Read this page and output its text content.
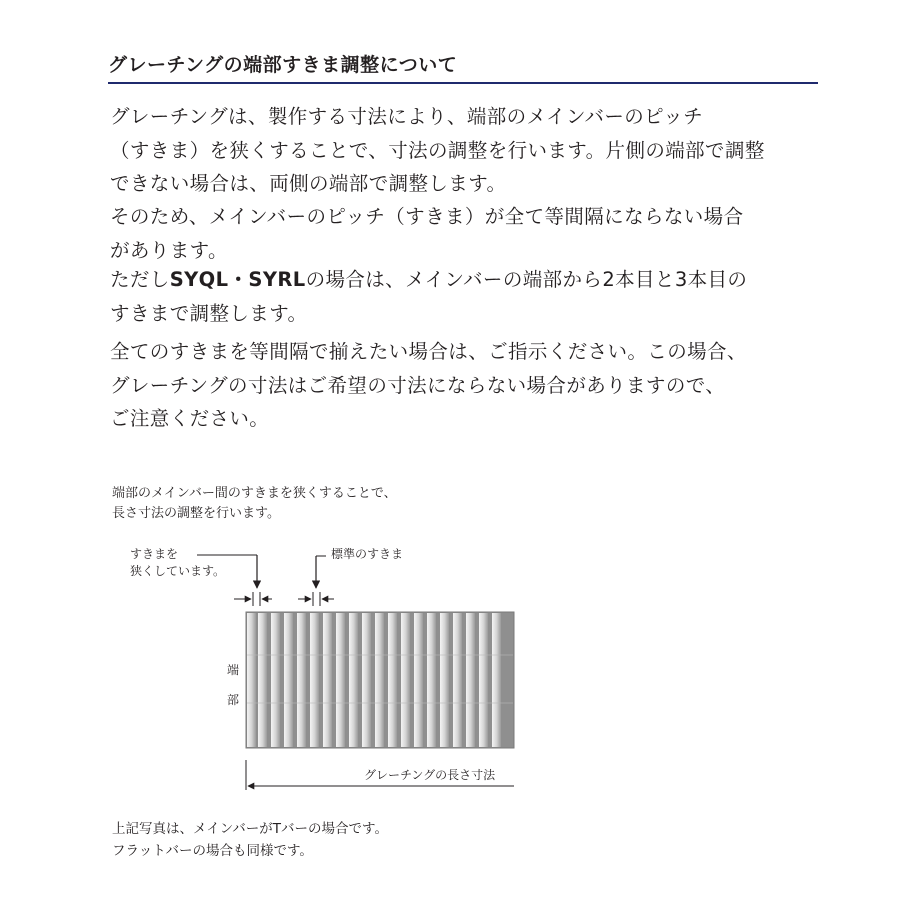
グレーチングの端部すきま調整について

グレーチングは、製作する寸法により、端部のメインバーのピッチ

（すきま）を狭くすることで、寸法の調整を行います。片側の端部で調整

できない場合は、両側の端部で調整します。

そのため、メインバーのピッチ（すきま）が全て等間隔にならない場合

があります。

ただしSYQL・SYRLの場合は、メインバーの端部から2本目と3本目の

すきまで調整します。

全てのすきまを等間隔で揃えたい場合は、ご指示ください。この場合、

グレーチングの寸法はご希望の寸法にならない場合がありますので、

ご注意ください。

端部のメインバー間のすきまを狭くすることで、
長さ寸法の調整を行います。
すきまを
狭くしています。
標準のすきま
端
部
グレーチングの長さ寸法
上記写真は、メインバーがTバーの場合です。
フラットバーの場合も同様です。
